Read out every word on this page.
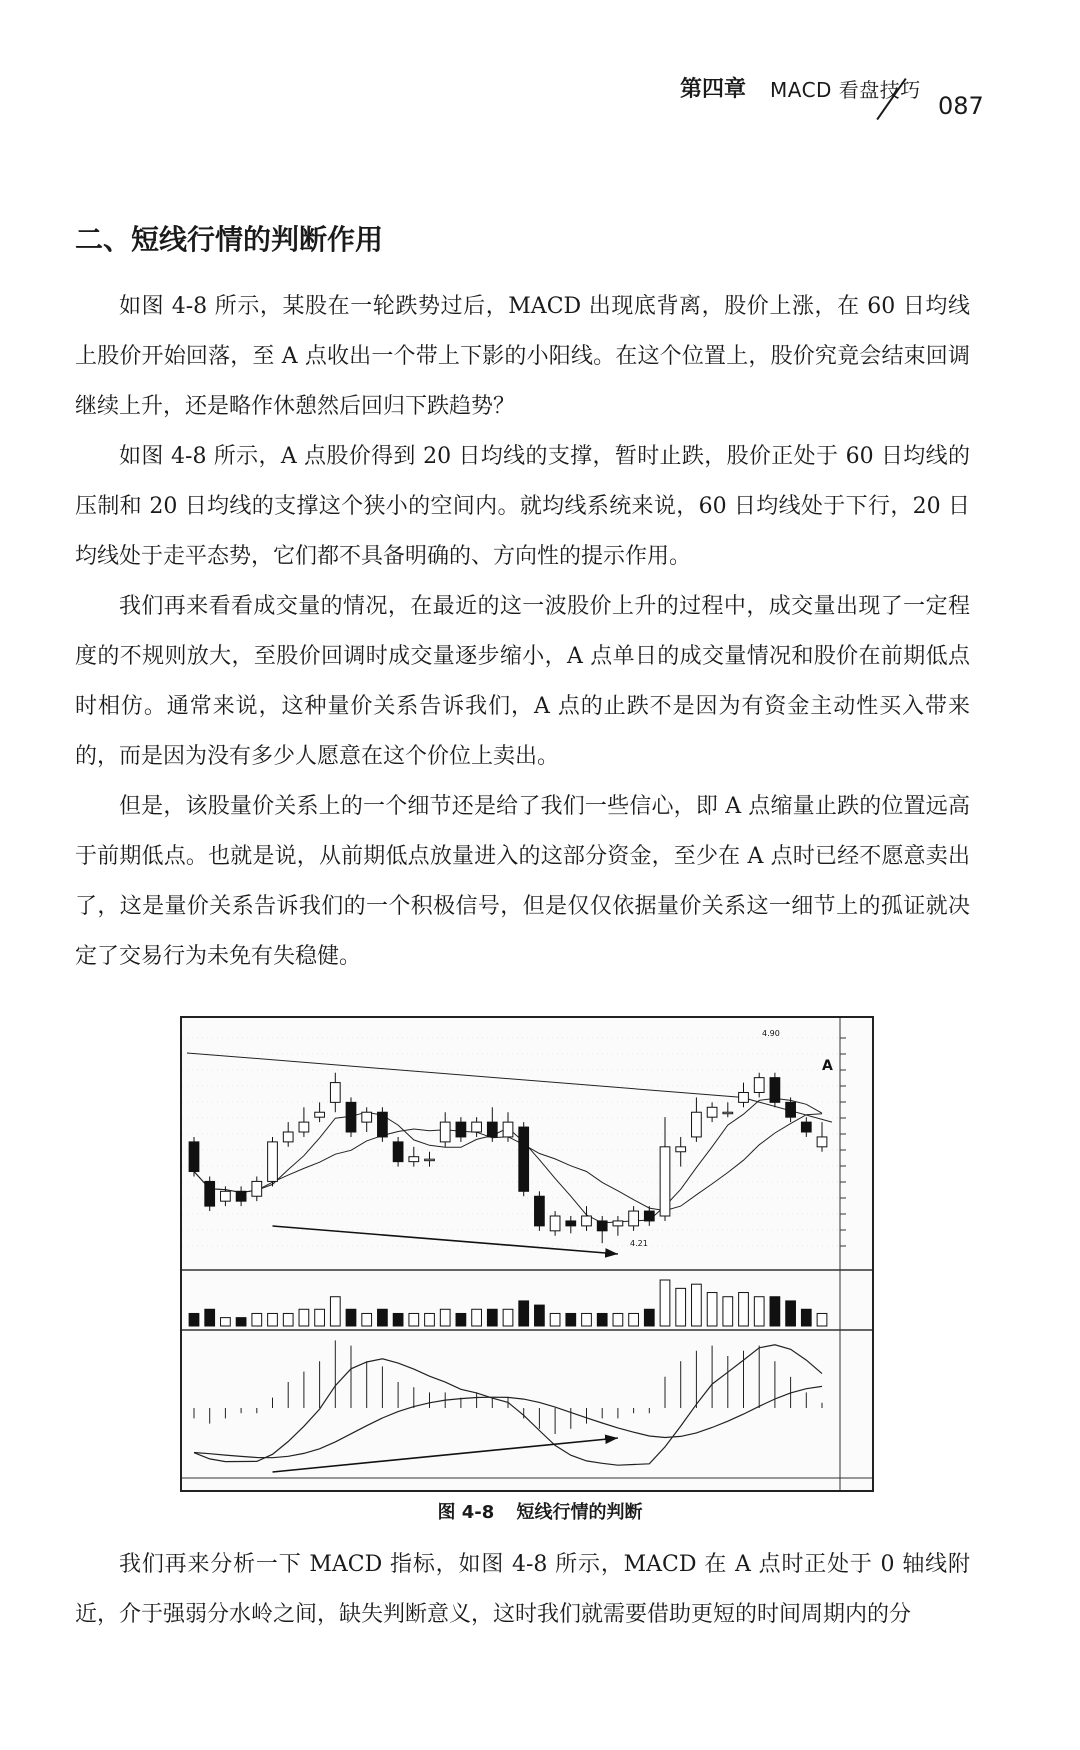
第四章 MACD 看盘技巧
087
二、短线行情的判断作用

如图 4-8 所示，某股在一轮跌势过后，MACD 出现底背离，股价上涨，在 60 日均线上股价开始回落，至 A 点收出一个带上下影的小阳线。在这个位置上，股价究竟会结束回调继续上升，还是略作休憩然后回归下跌趋势？

如图 4-8 所示，A 点股价得到 20 日均线的支撑，暂时止跌，股价正处于 60 日均线的压制和 20 日均线的支撑这个狭小的空间内。就均线系统来说，60 日均线处于下行，20 日均线处于走平态势，它们都不具备明确的、方向性的提示作用。

我们再来看看成交量的情况，在最近的这一波股价上升的过程中，成交量出现了一定程度的不规则放大，至股价回调时成交量逐步缩小，A 点单日的成交量情况和股价在前期低点时相仿。通常来说，这种量价关系告诉我们，A 点的止跌不是因为有资金主动性买入带来的，而是因为没有多少人愿意在这个价位上卖出。

但是，该股量价关系上的一个细节还是给了我们一些信心，即 A 点缩量止跌的位置远高于前期低点。也就是说，从前期低点放量进入的这部分资金，至少在 A 点时已经不愿意卖出了，这是量价关系告诉我们的一个积极信号，但是仅仅依据量价关系这一细节上的孤证就决定了交易行为未免有失稳健。

A
4.21
4.90
图 4-8 短线行情的判断

我们再来分析一下 MACD 指标，如图 4-8 所示，MACD 在 A 点时正处于 0 轴线附近，介于强弱分水岭之间，缺失判断意义，这时我们就需要借助更短的时间周期内的分
